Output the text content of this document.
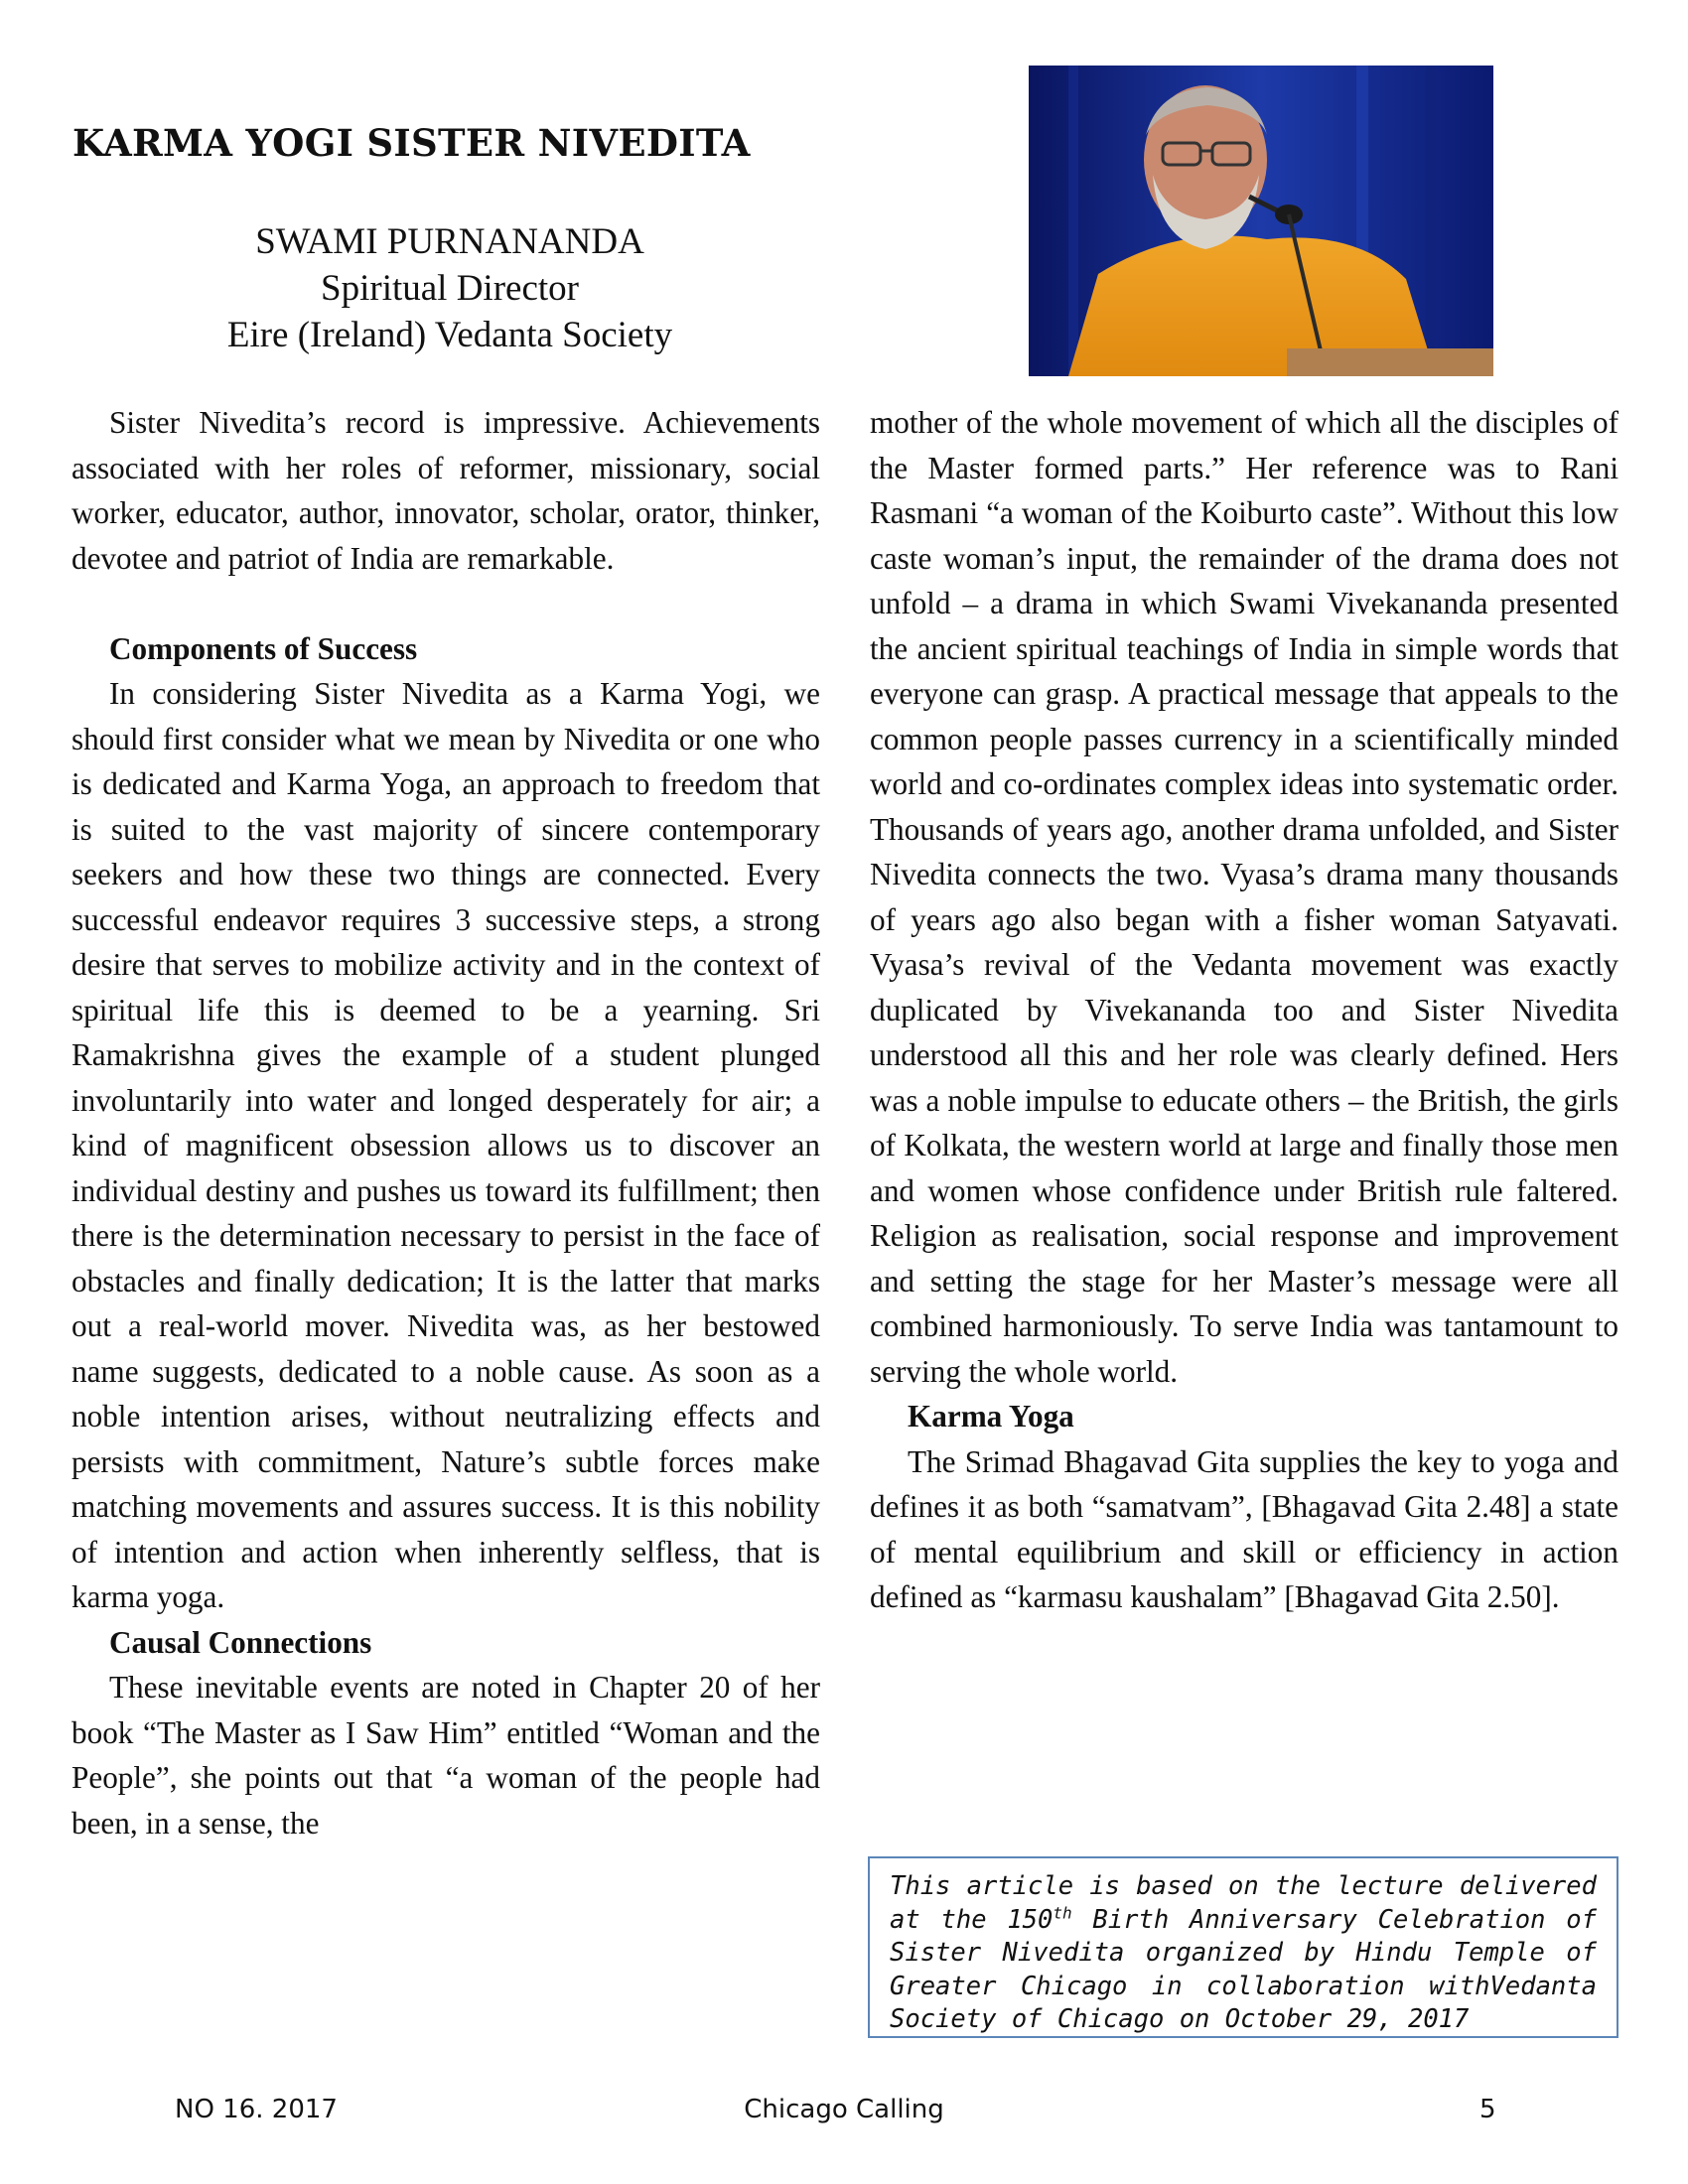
KARMA YOGI SISTER NIVEDITA
SWAMI PURNANANDA
Spiritual Director
Eire (Ireland) Vedanta Society

Sister Nivedita’s record is impressive. Achievements associated with her roles of reformer, missionary, social worker, educator, author, innovator, scholar, orator, thinker, devotee and patriot of India are remarkable.

Components of Success

In considering Sister Nivedita as a Karma Yogi, we should first consider what we mean by Nivedita or one who is dedicated and Karma Yoga, an approach to freedom that is suited to the vast majority of sincere contemporary seekers and how these two things are connected. Every successful endeavor requires 3 successive steps, a strong desire that serves to mobilize activity and in the context of spiritual life this is deemed to be a yearning. Sri Ramakrishna gives the example of a student plunged involuntarily into water and longed desperately for air; a kind of magnificent obsession allows us to discover an individual destiny and pushes us toward its fulfillment; then there is the determination necessary to persist in the face of obstacles and finally dedication; It is the latter that marks out a real-world mover. Nivedita was, as her bestowed name suggests, dedicated to a noble cause. As soon as a noble intention arises, without neutralizing effects and persists with commitment, Nature’s subtle forces make matching movements and assures success. It is this nobility of intention and action when inherently selfless, that is karma yoga.

Causal Connections

These inevitable events are noted in Chapter 20 of her book “The Master as I Saw Him” entitled “Woman and the People”, she points out that “a woman of the people had been, in a sense, the

mother of the whole movement of which all the disciples of the Master formed parts.” Her reference was to Rani Rasmani “a woman of the Koiburto caste”. Without this low caste woman’s input, the remainder of the drama does not unfold – a drama in which Swami Vivekananda presented the ancient spiritual teachings of India in simple words that everyone can grasp. A practical message that appeals to the common people passes currency in a scientifically minded world and co-ordinates complex ideas into systematic order. Thousands of years ago, another drama unfolded, and Sister Nivedita connects the two. Vyasa’s drama many thousands of years ago also began with a fisher woman Satyavati. Vyasa’s revival of the Vedanta movement was exactly duplicated by Vivekananda too and Sister Nivedita understood all this and her role was clearly defined. Hers was a noble impulse to educate others – the British, the girls of Kolkata, the western world at large and finally those men and women whose confidence under British rule faltered. Religion as realisation, social response and improvement and setting the stage for her Master’s message were all combined harmoniously. To serve India was tantamount to serving the whole world.

Karma Yoga

The Srimad Bhagavad Gita supplies the key to yoga and defines it as both “samatvam”, [Bhagavad Gita 2.48] a state of mental equilibrium and skill or efficiency in action defined as “karmasu kaushalam” [Bhagavad Gita 2.50].

This article is based on the lecture delivered at the 150th Birth Anniversary Celebration of Sister Nivedita organized by Hindu Temple of Greater Chicago in collaboration withVedanta Society of Chicago on October 29, 2017
NO 16. 2017	Chicago Calling	5
